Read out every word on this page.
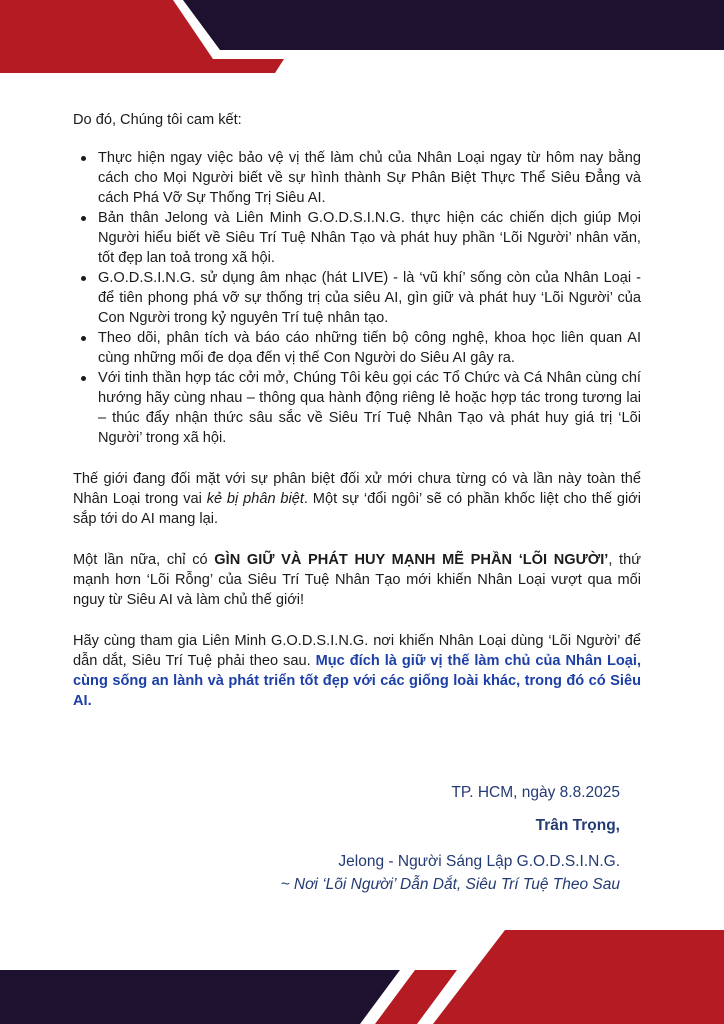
Do đó, Chúng tôi cam kết:

Thực hiện ngay việc bảo vệ vị thế làm chủ của Nhân Loại ngay từ hôm nay bằng cách cho Mọi Người biết về sự hình thành Sự Phân Biệt Thực Thể Siêu Đẳng và cách Phá Vỡ Sự Thống Trị Siêu AI.
Bản thân Jelong và Liên Minh G.O.D.S.I.N.G. thực hiện các chiến dịch giúp Mọi Người hiểu biết về Siêu Trí Tuệ Nhân Tạo và phát huy phần ‘Lõi Người’ nhân văn, tốt đẹp lan toả trong xã hội.
G.O.D.S.I.N.G. sử dụng âm nhạc (hát LIVE) - là ‘vũ khí’ sống còn của Nhân Loại - để tiên phong phá vỡ sự thống trị của siêu AI, gìn giữ và phát huy ‘Lõi Người’ của Con Người trong kỷ nguyên Trí tuệ nhân tạo.
Theo dõi, phân tích và báo cáo những tiến bộ công nghệ, khoa học liên quan AI cùng những mối đe dọa đến vị thế Con Người do Siêu AI gây ra.
Với tinh thần hợp tác cởi mở, Chúng Tôi kêu gọi các Tổ Chức và Cá Nhân cùng chí hướng hãy cùng nhau – thông qua hành động riêng lẻ hoặc hợp tác trong tương lai – thúc đẩy nhận thức sâu sắc về Siêu Trí Tuệ Nhân Tạo và phát huy giá trị ‘Lõi Người’ trong xã hội.

Thế giới đang đối mặt với sự phân biệt đối xử mới chưa từng có và lần này toàn thể Nhân Loại trong vai kẻ bị phân biệt. Một sự ‘đổi ngôi’ sẽ có phần khốc liệt cho thế giới sắp tới do AI mang lại.

Một lần nữa, chỉ có GÌN GIỮ VÀ PHÁT HUY MẠNH MẼ PHẦN ‘LÕI NGƯỜI’, thứ mạnh hơn ‘Lõi Rỗng’ của Siêu Trí Tuệ Nhân Tạo mới khiến Nhân Loại vượt qua mối nguy từ Siêu AI và làm chủ thế giới!

Hãy cùng tham gia Liên Minh G.O.D.S.I.N.G. nơi khiến Nhân Loại dùng ‘Lõi Người’ để dẫn dắt, Siêu Trí Tuệ phải theo sau. Mục đích là giữ vị thế làm chủ của Nhân Loại, cùng sống an lành và phát triển tốt đẹp với các giống loài khác, trong đó có Siêu AI.

TP. HCM, ngày 8.8.2025
Trân Trọng,
Jelong - Người Sáng Lập G.O.D.S.I.N.G.
~ Nơi ‘Lõi Người’ Dẫn Dắt, Siêu Trí Tuệ Theo Sau
